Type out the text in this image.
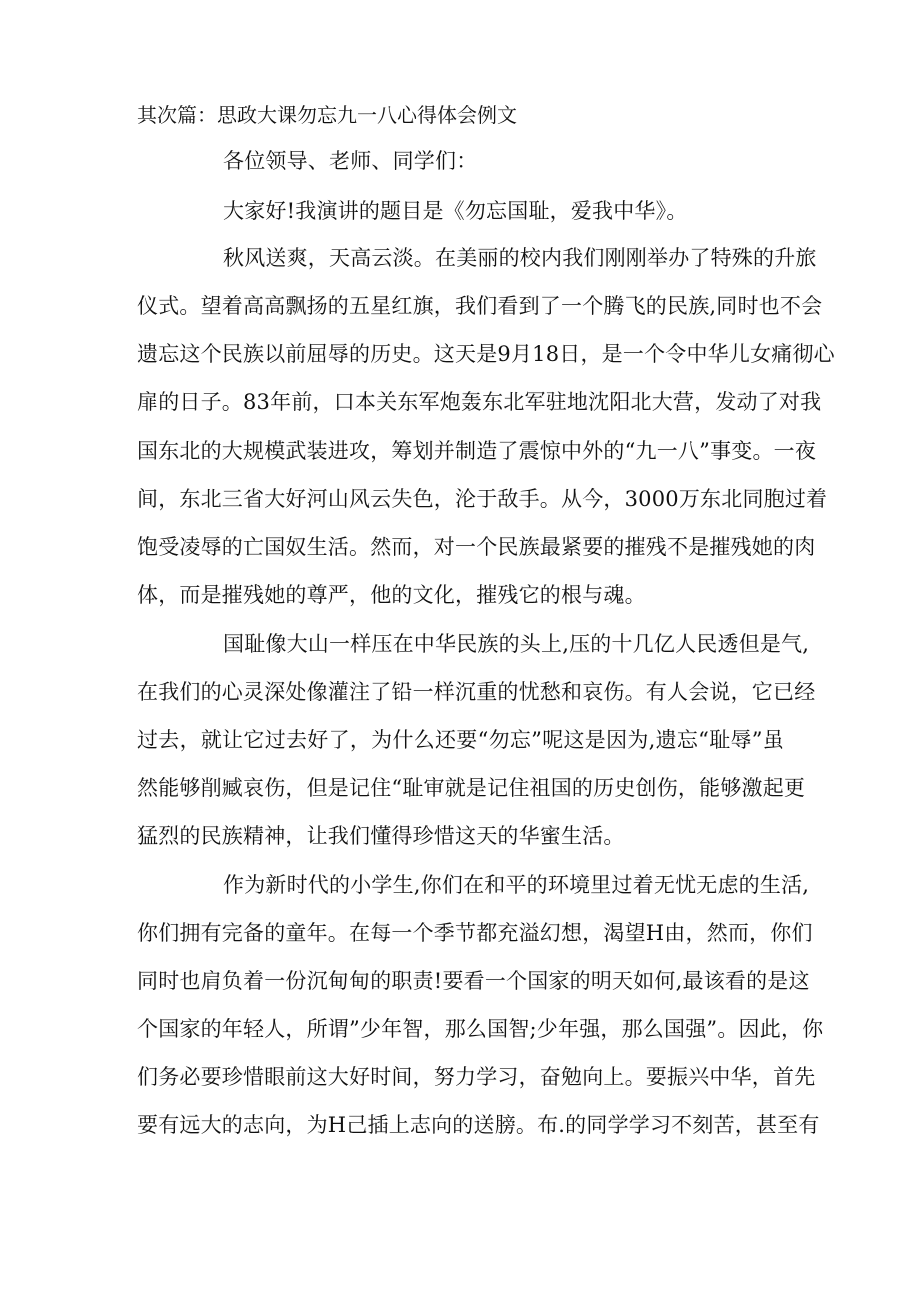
其次篇：思政大课勿忘九一八心得体会例文
各位领导、老师、同学们：
大家好!我演讲的题目是《勿忘国耻，爱我中华》。
秋风送爽，天高云淡。在美丽的校内我们刚刚举办了特殊的升旅
仪式。望着高高飘扬的五星红旗，我们看到了一个腾飞的民族,同时也不会
遗忘这个民族以前屈辱的历史。这天是9月18日，是一个令中华儿女痛彻心
扉的日子。83年前，口本关东军炮轰东北军驻地沈阳北大营，发动了对我
国东北的大规模武装进攻，筹划并制造了震惊中外的“九一八”事变。一夜
间，东北三省大好河山风云失色，沦于敌手。从今，3000万东北同胞过着
饱受凌辱的亡国奴生活。然而，对一个民族最紧要的摧残不是摧残她的肉
体，而是摧残她的尊严，他的文化，摧残它的根与魂。
国耻像大山一样压在中华民族的头上,压的十几亿人民透但是气,
在我们的心灵深处像灌注了铅一样沉重的忧愁和哀伤。有人会说，它已经
过去，就让它过去好了，为什么还要“勿忘”呢这是因为,遗忘“耻辱”虽
然能够削臧哀伤，但是记住“耻审就是记住祖国的历史创伤，能够激起更
猛烈的民族精神，让我们懂得珍惜这天的华蜜生活。
作为新时代的小学生,你们在和平的环境里过着无忧无虑的生活,
你们拥有完备的童年。在每一个季节都充溢幻想，渴望H由，然而，你们
同时也肩负着一份沉甸甸的职责!要看一个国家的明天如何,最该看的是这
个国家的年轻人，所谓”少年智，那么国智;少年强，那么国强”。因此，你
们务必要珍惜眼前这大好时间，努力学习，奋勉向上。要振兴中华，首先
要有远大的志向，为H己插上志向的送膀。布.的同学学习不刻苦，甚至有
